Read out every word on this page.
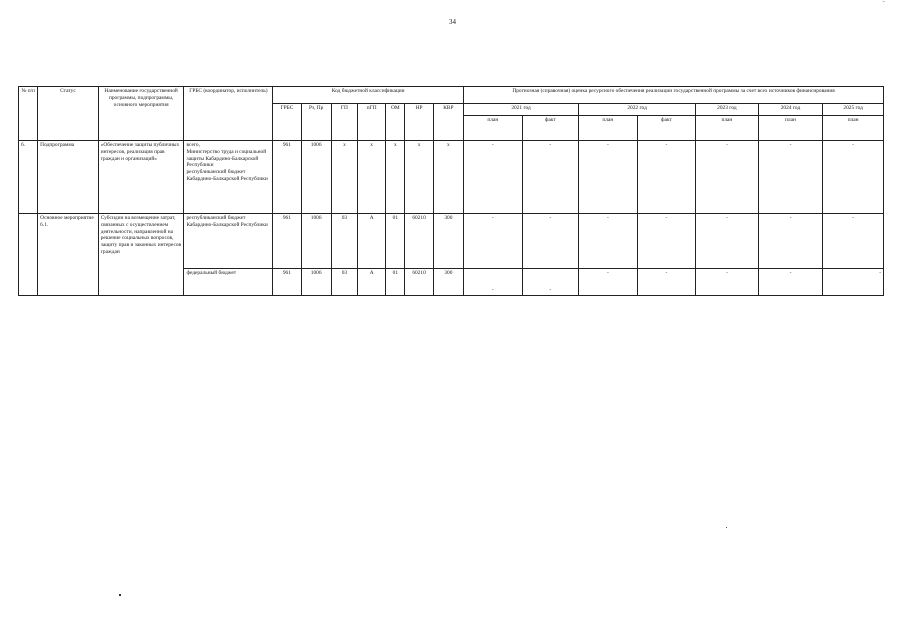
ˉ
34
№ п/п	Статус	Наименование государственной программы, подпрограммы, основного мероприятия	ГРБС (координатор, исполнитель)	Код бюджетной классификации							Прогнозная (справочная) оценка ресурсного обеспечения реализации государственной программы за счет всех источников финансирования						
				ГРБС	Рз, Пр	ГП	пГП	ОМ	НР	КВР	2021 год		2022 год		2023 год	2024 год	2025 год
											план	факт	план	факт	план	план	план
6.	Подпрограмма	«Обеспечение защиты публичных интересов, реализация прав граждан и организаций»	всего,
Министерство труда и социальной защиты Кабардино-Балкарской Республики
республиканский бюджет Кабардино-Балкарской Республики	961	1006	х	х	х	х	х	-	-	-	-	-	-	-
	Основное мероприятие 6.1.	Субсидии на возмещение затрат, связанных с осуществлением деятельности, направленной на решение социальных вопросов, защиту прав и законных интересов граждан	республиканский бюджет Кабардино-Балкарской Республики	961	1006	03	А	01	60210	300	-	-	-	-	-	-	-
			федеральный бюджет	961	1006	03	А	01	60210	300	-	-	-	-	-	-	-
